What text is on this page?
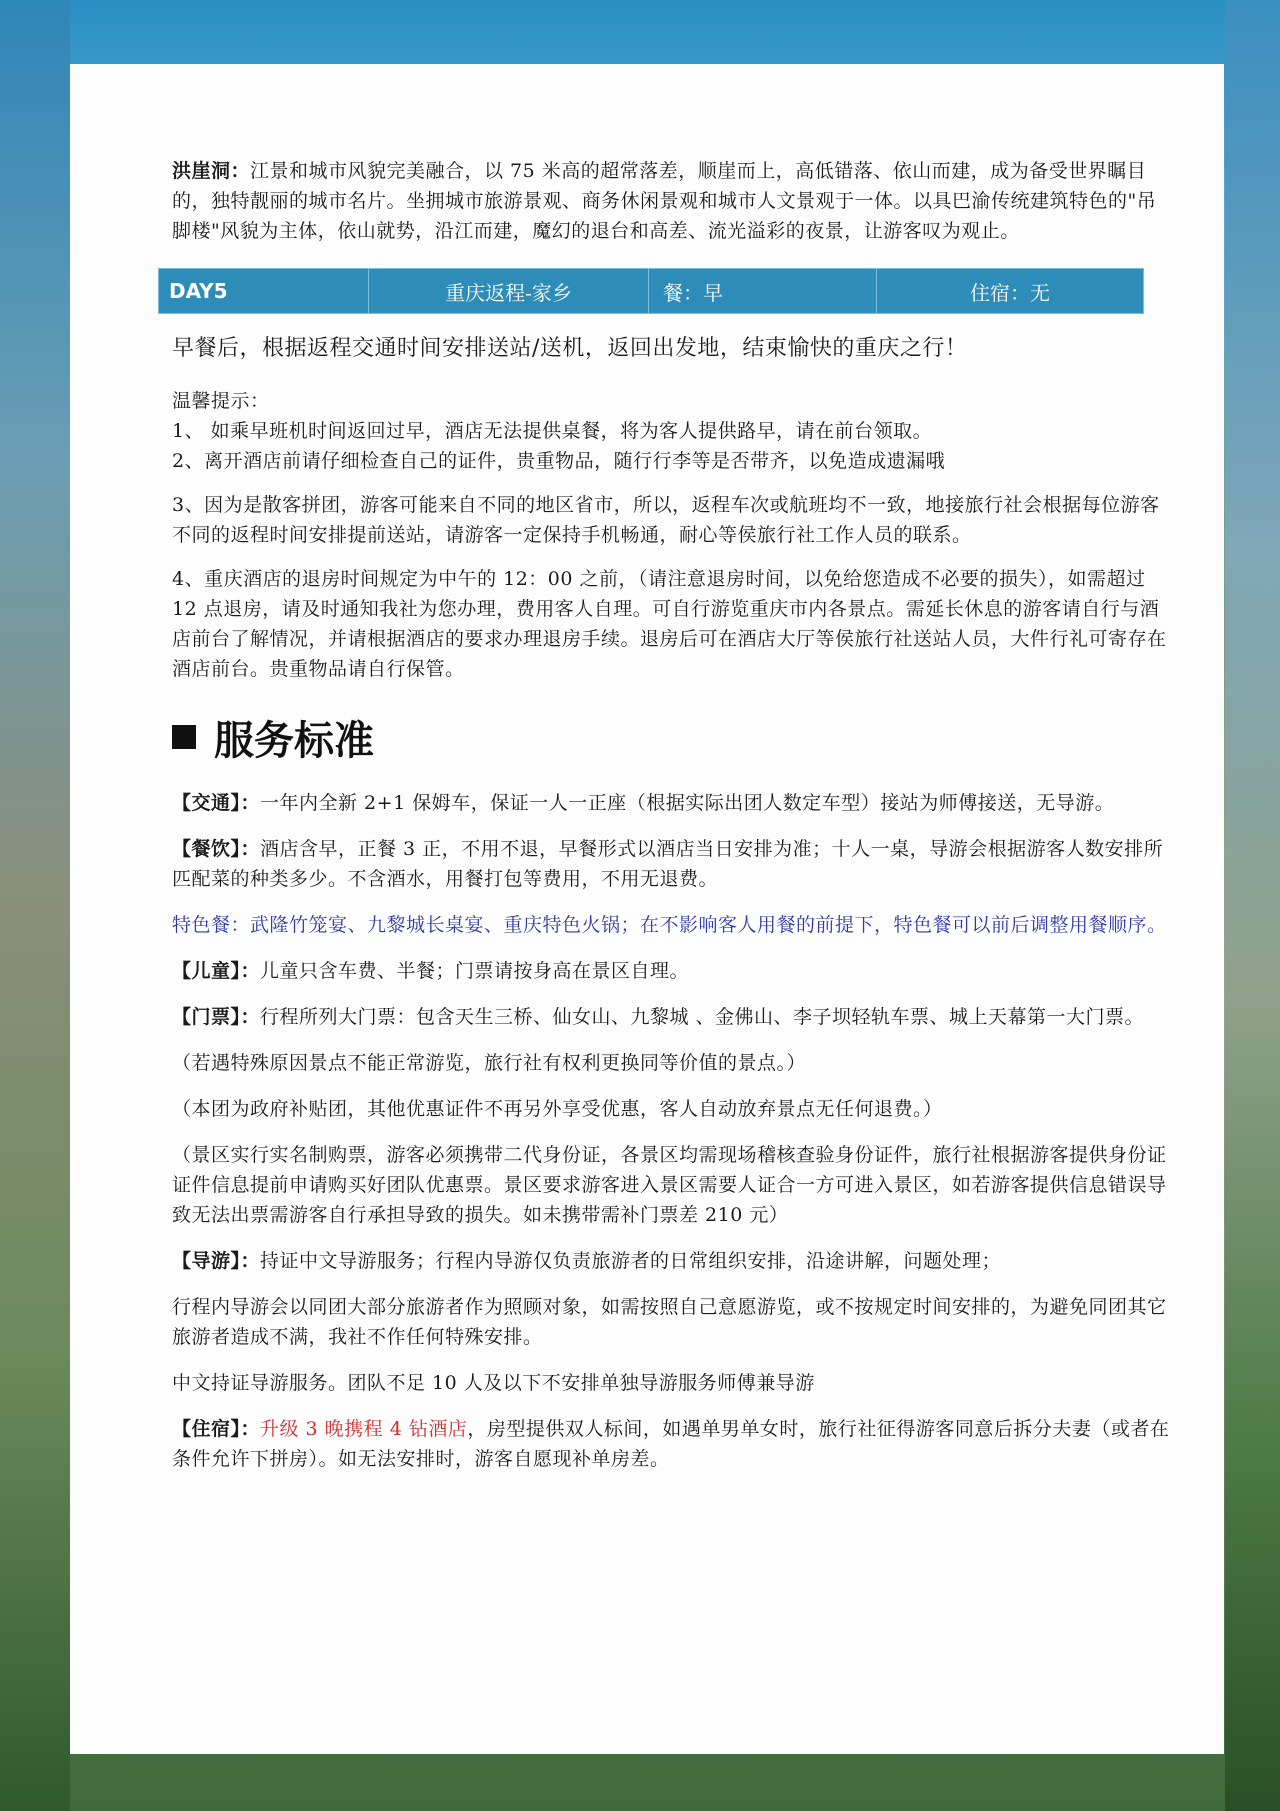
洪崖洞：江景和城市风貌完美融合，以 75 米高的超常落差，顺崖而上，高低错落、依山而建，成为备受世界瞩目的，独特靓丽的城市名片。坐拥城市旅游景观、商务休闲景观和城市人文景观于一体。以具巴渝传统建筑特色的"吊脚楼"风貌为主体，依山就势，沿江而建，魔幻的退台和高差、流光溢彩的夜景，让游客叹为观止。

DAY5	重庆返程-家乡	餐：早	住宿：无

早餐后，根据返程交通时间安排送站/送机，返回出发地，结束愉快的重庆之行！

温馨提示：

1、 如乘早班机时间返回过早，酒店无法提供桌餐，将为客人提供路早，请在前台领取。

2、离开酒店前请仔细检查自己的证件，贵重物品，随行行李等是否带齐，以免造成遗漏哦

3、因为是散客拼团，游客可能来自不同的地区省市，所以，返程车次或航班均不一致，地接旅行社会根据每位游客不同的返程时间安排提前送站，请游客一定保持手机畅通，耐心等侯旅行社工作人员的联系。

4、重庆酒店的退房时间规定为中午的 12：00 之前，（请注意退房时间，以免给您造成不必要的损失），如需超过 12 点退房，请及时通知我社为您办理，费用客人自理。可自行游览重庆市内各景点。需延长休息的游客请自行与酒店前台了解情况，并请根据酒店的要求办理退房手续。退房后可在酒店大厅等侯旅行社送站人员，大件行礼可寄存在酒店前台。贵重物品请自行保管。

服务标准

【交通】：一年内全新 2+1 保姆车，保证一人一正座（根据实际出团人数定车型）接站为师傅接送，无导游。

【餐饮】：酒店含早，正餐 3 正，不用不退，早餐形式以酒店当日安排为准；十人一桌，导游会根据游客人数安排所匹配菜的种类多少。不含酒水，用餐打包等费用，不用无退费。

特色餐：武隆竹笼宴、九黎城长桌宴、重庆特色火锅；在不影响客人用餐的前提下，特色餐可以前后调整用餐顺序。

【儿童】：儿童只含车费、半餐；门票请按身高在景区自理。

【门票】：行程所列大门票：包含天生三桥、仙女山、九黎城 、金佛山、李子坝轻轨车票、城上天幕第一大门票。

（若遇特殊原因景点不能正常游览，旅行社有权利更换同等价值的景点。）

（本团为政府补贴团，其他优惠证件不再另外享受优惠，客人自动放弃景点无任何退费。）

（景区实行实名制购票，游客必须携带二代身份证，各景区均需现场稽核查验身份证件，旅行社根据游客提供身份证证件信息提前申请购买好团队优惠票。景区要求游客进入景区需要人证合一方可进入景区，如若游客提供信息错误导致无法出票需游客自行承担导致的损失。如未携带需补门票差 210 元）

【导游】：持证中文导游服务；行程内导游仅负责旅游者的日常组织安排，沿途讲解，问题处理；

行程内导游会以同团大部分旅游者作为照顾对象，如需按照自己意愿游览，或不按规定时间安排的，为避免同团其它旅游者造成不满，我社不作任何特殊安排。

中文持证导游服务。团队不足 10 人及以下不安排单独导游服务师傅兼导游

【住宿】：升级 3 晚携程 4 钻酒店，房型提供双人标间，如遇单男单女时，旅行社征得游客同意后拆分夫妻（或者在条件允许下拼房）。如无法安排时，游客自愿现补单房差。
